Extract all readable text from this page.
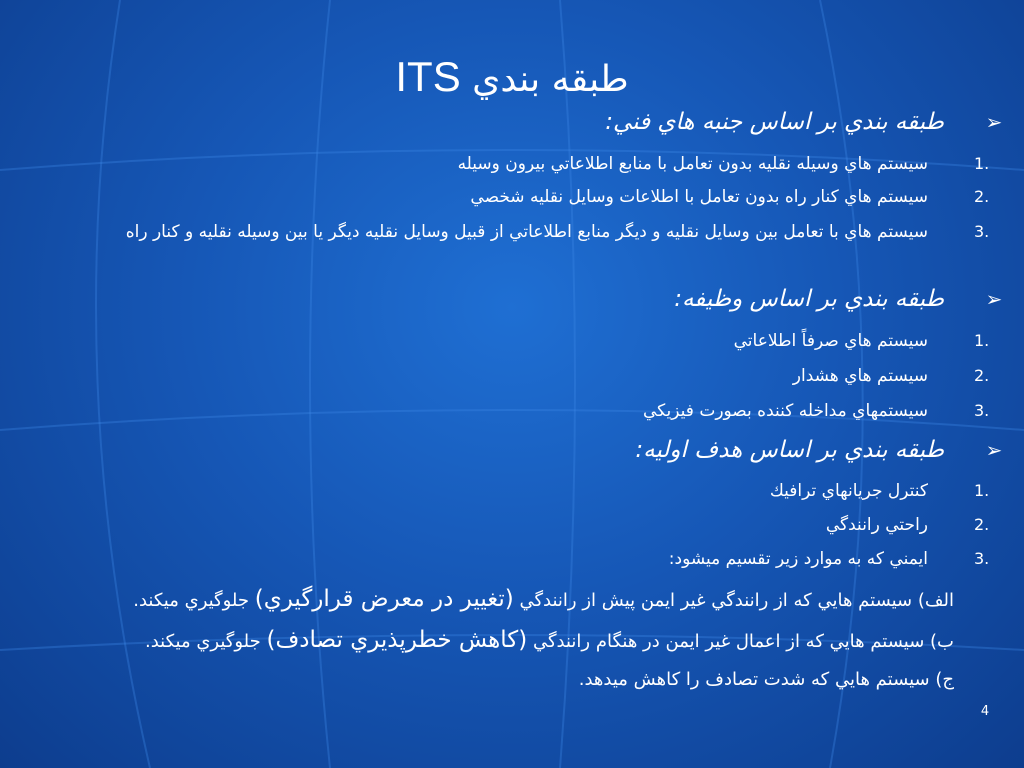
طبقه بندي ITS
➢
طبقه بندي بر اساس جنبه هاي فني:
1.
سيستم هاي وسيله نقليه بدون تعامل با منابع اطلاعاتي بيرون وسيله
2.
سيستم هاي كنار راه بدون تعامل با اطلاعات وسايل نقليه شخصي
3.
سيستم هاي با تعامل بين وسايل نقليه و ديگر منابع اطلاعاتي از قبيل وسايل نقليه ديگر يا بين وسيله نقليه و كنار راه
➢
طبقه بندي بر اساس وظيفه:
1.
سيستم هاي صرفاً اطلاعاتي
2.
سيستم هاي هشدار
3.
سيستمهاي مداخله كننده بصورت فيزيكي
➢
طبقه بندي بر اساس هدف اوليه:
1.
كنترل جريانهاي ترافيك
2.
راحتي رانندگي
3.
ايمني كه به موارد زير تقسيم ميشود:
الف) سيستم هايي كه از رانندگي غير ايمن پيش از رانندگي (تغيير در معرض قرارگيري) جلوگيري ميكند.
ب) سيستم هايي كه از اعمال غير ايمن در هنگام رانندگي (كاهش خطرپذيري تصادف) جلوگيري ميكند.
ج) سيستم هايي كه شدت تصادف را كاهش ميدهد.
4
